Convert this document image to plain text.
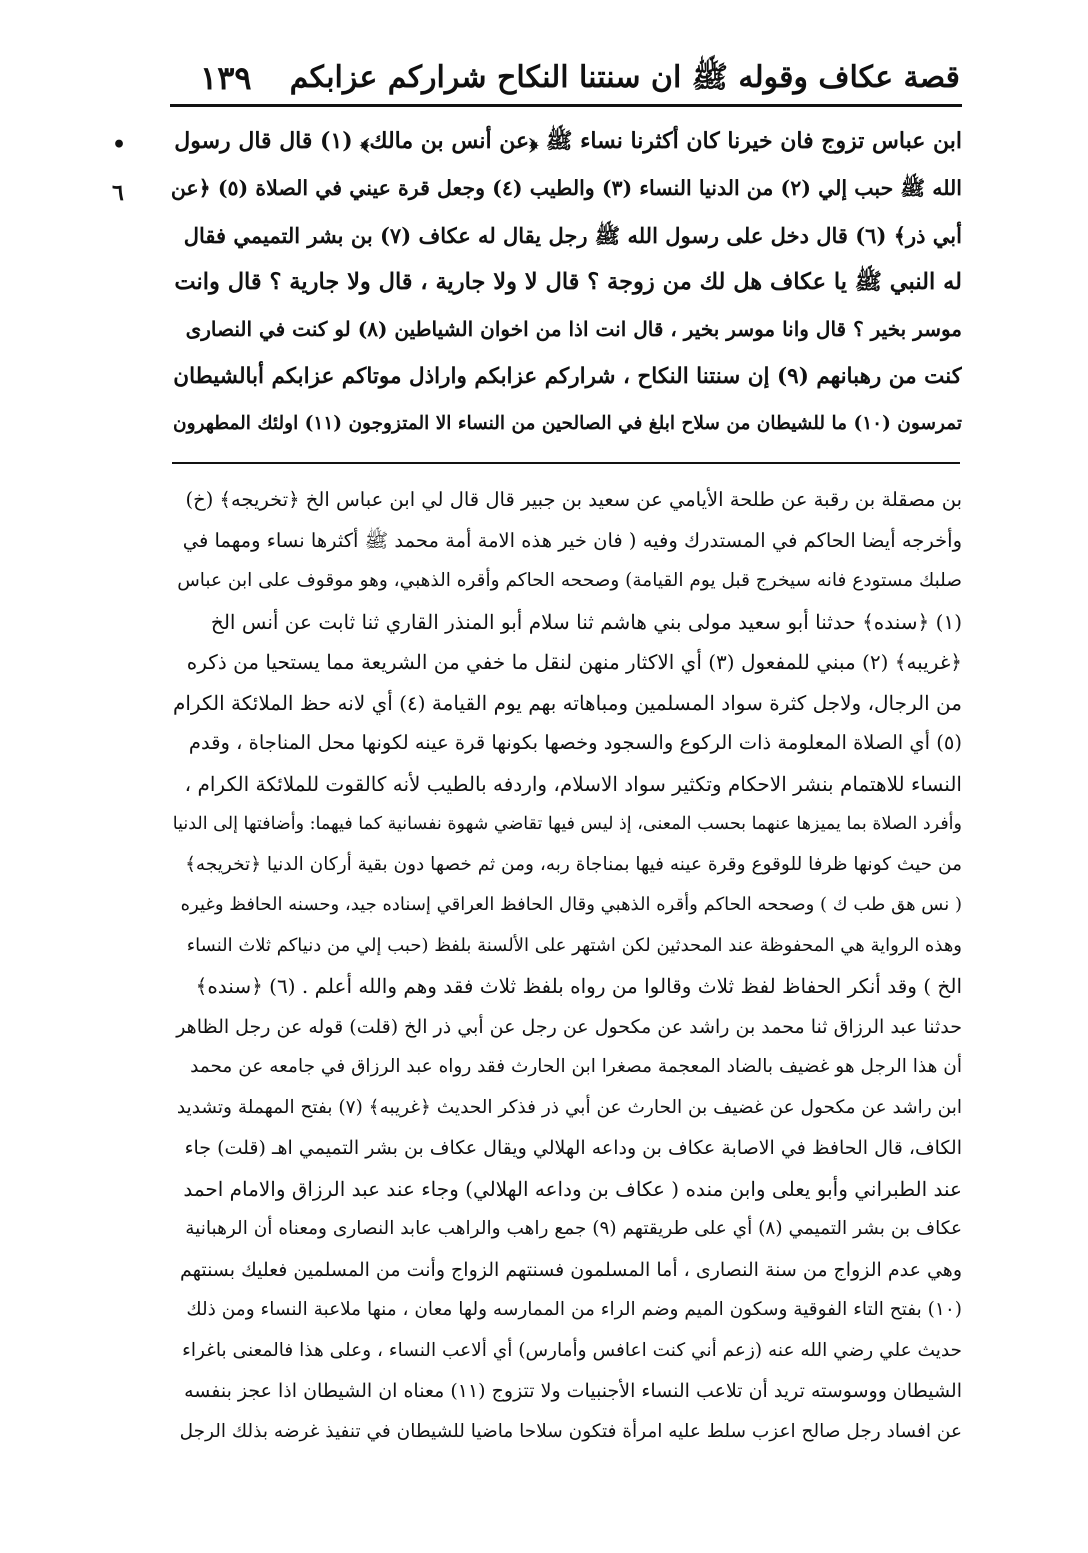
قصة عكاف وقوله ﷺ ان سنتنا النكاح شراركم عزابكم
١٣٩
•
٦
ابن عباس تزوج فان خيرنا كان أكثرنا نساء ﷺ ﴿عن أنس بن مالك﴾ (١) قال قال رسول
الله ﷺ حبب إلي (٢) من الدنيا النساء (٣) والطيب (٤) وجعل قرة عيني في الصلاة (٥) ﴿عن
أبي ذر﴾ (٦) قال دخل على رسول الله ﷺ رجل يقال له عكاف (٧) بن بشر التميمي فقال
له النبي ﷺ يا عكاف هل لك من زوجة ؟ قال لا ولا جارية ، قال ولا جارية ؟ قال وانت
موسر بخير ؟ قال وانا موسر بخير ، قال انت اذا من اخوان الشياطين (٨) لو كنت في النصارى
كنت من رهبانهم (٩) إن سنتنا النكاح ، شراركم عزابكم واراذل موتاكم عزابكم أبالشيطان
تمرسون (١٠) ما للشيطان من سلاح ابلغ في الصالحين من النساء الا المتزوجون (١١) اولئك المطهرون
بن مصقلة بن رقبة عن طلحة الأيامي عن سعيد بن جبير قال قال لي ابن عباس الخ ﴿تخريجه﴾ (خ)
وأخرجه أيضا الحاكم في المستدرك وفيه ( فان خير هذه الامة أمة محمد ﷺ أكثرها نساء ومهما في
صلبك مستودع فانه سيخرج قبل يوم القيامة) وصححه الحاكم وأقره الذهبي، وهو موقوف على ابن عباس
(١) ﴿سنده﴾ حدثنا أبو سعيد مولى بني هاشم ثنا سلام أبو المنذر القاري ثنا ثابت عن أنس الخ
﴿غريبه﴾ (٢) مبني للمفعول (٣) أي الاكثار منهن لنقل ما خفي من الشريعة مما يستحيا من ذكره
من الرجال، ولاجل كثرة سواد المسلمين ومباهاته بهم يوم القيامة (٤) أي لانه حظ الملائكة الكرام
(٥) أي الصلاة المعلومة ذات الركوع والسجود وخصها بكونها قرة عينه لكونها محل المناجاة ، وقدم
النساء للاهتمام بنشر الاحكام وتكثير سواد الاسلام، واردفه بالطيب لأنه كالقوت للملائكة الكرام ،
وأفرد الصلاة بما يميزها عنهما بحسب المعنى، إذ ليس فيها تقاضي شهوة نفسانية كما فيهما: وأضافتها إلى الدنيا
من حيث كونها ظرفا للوقوع وقرة عينه فيها بمناجاة ربه، ومن ثم خصها دون بقية أركان الدنيا ﴿تخريجه﴾
( نس هق طب ك ) وصححه الحاكم وأقره الذهبي وقال الحافظ العراقي إسناده جيد، وحسنه الحافظ وغيره
وهذه الرواية هي المحفوظة عند المحدثين لكن اشتهر على الألسنة بلفظ (حبب إلي من دنياكم ثلاث النساء
الخ ) وقد أنكر الحفاظ لفظ ثلاث وقالوا من رواه بلفظ ثلاث فقد وهم والله أعلم . (٦) ﴿سنده﴾
حدثنا عبد الرزاق ثنا محمد بن راشد عن مكحول عن رجل عن أبي ذر الخ (قلت) قوله عن رجل الظاهر
أن هذا الرجل هو غضيف بالضاد المعجمة مصغرا ابن الحارث فقد رواه عبد الرزاق في جامعه عن محمد
ابن راشد عن مكحول عن غضيف بن الحارث عن أبي ذر فذكر الحديث ﴿غريبه﴾ (٧) بفتح المهملة وتشديد
الكاف، قال الحافظ في الاصابة عكاف بن وداعه الهلالي ويقال عكاف بن بشر التميمي اهـ (قلت) جاء
عند الطبراني وأبو يعلى وابن منده ( عكاف بن وداعه الهلالي) وجاء عند عبد الرزاق والامام احمد
عكاف بن بشر التميمي (٨) أي على طريقتهم (٩) جمع راهب والراهب عابد النصارى ومعناه أن الرهبانية
وهي عدم الزواج من سنة النصارى ، أما المسلمون فسنتهم الزواج وأنت من المسلمين فعليك بسنتهم
(١٠) بفتح التاء الفوقية وسكون الميم وضم الراء من الممارسه ولها معان ، منها ملاعبة النساء ومن ذلك
حديث علي رضي الله عنه (زعم أني كنت اعافس وأمارس) أي ألاعب النساء ، وعلى هذا فالمعنى باغراء
الشيطان ووسوسته تريد أن تلاعب النساء الأجنبيات ولا تتزوج (١١) معناه ان الشيطان اذا عجز بنفسه
عن افساد رجل صالح اعزب سلط عليه امرأة فتكون سلاحا ماضيا للشيطان في تنفيذ غرضه بذلك الرجل
